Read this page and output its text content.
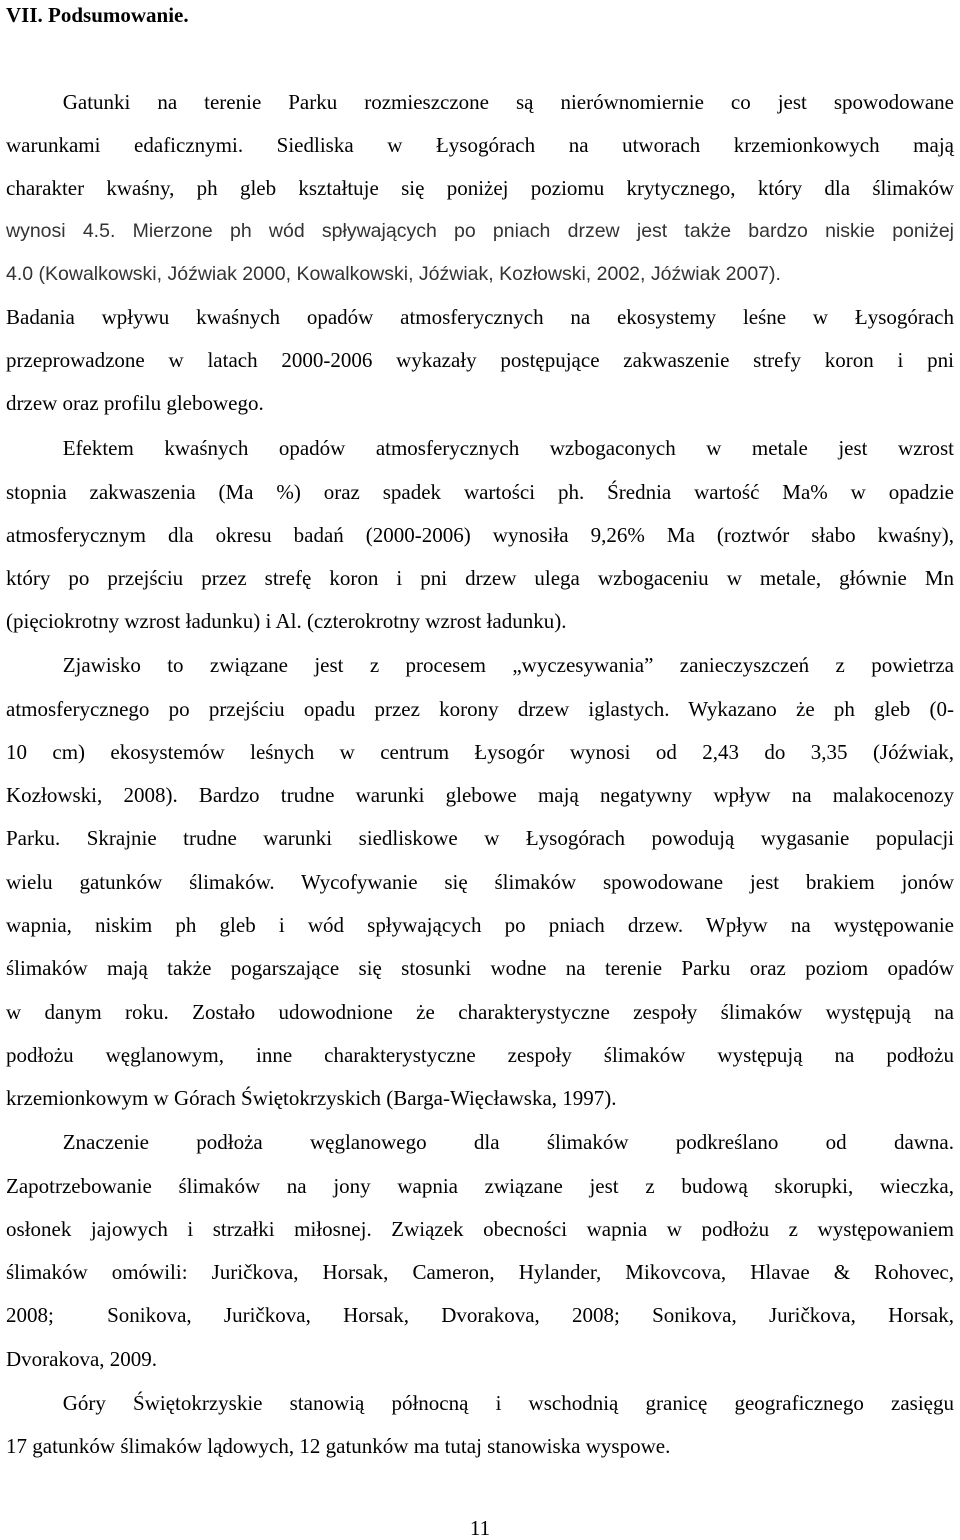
VII. Podsumowanie.
    Gatunki na terenie Parku rozmieszczone są nierównomiernie co jest spowodowane
warunkami edaficznymi. Siedliska w Łysogórach na utworach krzemionkowych mają
charakter kwaśny, ph gleb kształtuje się poniżej poziomu krytycznego, który dla ślimaków
wynosi 4.5. Mierzone ph wód spływających po pniach drzew jest także bardzo niskie poniżej
4.0 (Kowalkowski, Jóźwiak 2000, Kowalkowski, Jóźwiak, Kozłowski, 2002, Jóźwiak 2007).
Badania wpływu kwaśnych opadów atmosferycznych na ekosystemy leśne w Łysogórach
przeprowadzone w latach 2000-2006 wykazały postępujące zakwaszenie strefy koron i pni
drzew oraz profilu glebowego.
    Efektem kwaśnych opadów atmosferycznych wzbogaconych w metale jest wzrost
stopnia zakwaszenia (Ma %) oraz spadek wartości ph. Średnia wartość Ma% w opadzie
atmosferycznym dla okresu badań (2000-2006) wynosiła 9,26% Ma (roztwór słabo kwaśny),
który po przejściu przez strefę koron i pni drzew ulega wzbogaceniu w metale, głównie Mn
(pięciokrotny wzrost ładunku) i Al. (czterokrotny wzrost ładunku).
    Zjawisko to związane jest z procesem „wyczesywania” zanieczyszczeń z powietrza
atmosferycznego po przejściu opadu przez korony drzew iglastych. Wykazano że ph gleb (0-
10 cm) ekosystemów leśnych w centrum Łysogór wynosi od 2,43 do 3,35 (Jóźwiak,
Kozłowski, 2008). Bardzo trudne warunki glebowe mają negatywny wpływ na malakocenozy
Parku. Skrajnie trudne warunki siedliskowe w Łysogórach powodują wygasanie populacji
wielu gatunków ślimaków. Wycofywanie się ślimaków spowodowane jest brakiem jonów
wapnia, niskim ph gleb i wód spływających po pniach drzew. Wpływ na występowanie
ślimaków mają także pogarszające się stosunki wodne na terenie Parku oraz poziom opadów
w danym roku. Zostało udowodnione że charakterystyczne zespoły ślimaków występują na
podłożu węglanowym, inne charakterystyczne zespoły ślimaków występują na podłożu
krzemionkowym w Górach Świętokrzyskich (Barga-Więcławska, 1997).
    Znaczenie podłoża węglanowego dla ślimaków podkreślano od dawna.
Zapotrzebowanie ślimaków na jony wapnia związane jest z budową skorupki, wieczka,
osłonek jajowych i strzałki miłosnej. Związek obecności wapnia w podłożu z występowaniem
ślimaków omówili: Juričkova, Horsak, Cameron, Hylander, Mikovcova, Hlavae & Rohovec,
2008;  Sonikova, Juričkova, Horsak, Dvorakova, 2008; Sonikova, Juričkova, Horsak,
Dvorakova, 2009.
    Góry Świętokrzyskie stanowią północną i wschodnią granicę geograficznego zasięgu
17 gatunków ślimaków lądowych, 12 gatunków ma tutaj stanowiska wyspowe.
11
